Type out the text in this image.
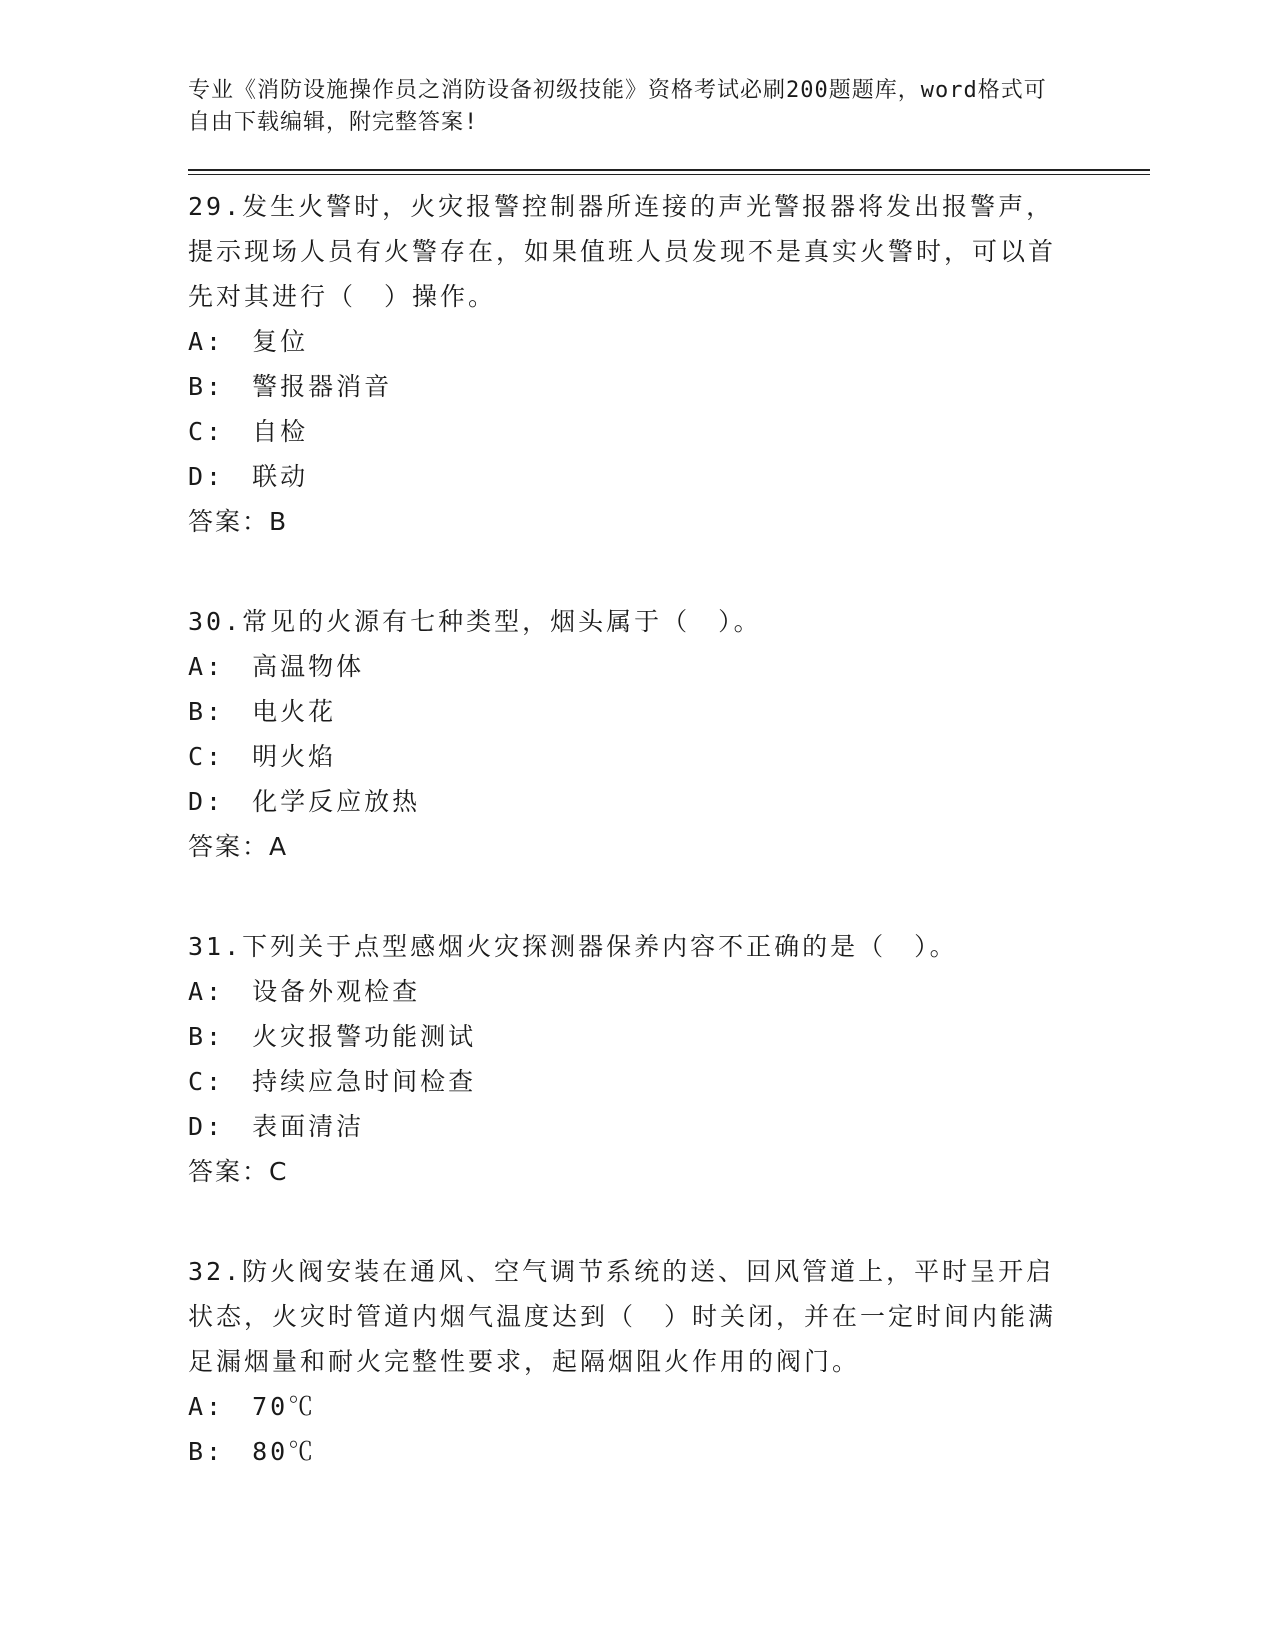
专业《消防设施操作员之消防设备初级技能》资格考试必刷200题题库，word格式可自由下载编辑，附完整答案!
29.发生火警时，火灾报警控制器所连接的声光警报器将发出报警声，提示现场人员有火警存在，如果值班人员发现不是真实火警时，可以首先对其进行（　）操作。
A:　复位
B:　警报器消音
C:　自检
D:　联动
答案：B
30.常见的火源有七种类型，烟头属于（　）。
A:　高温物体
B:　电火花
C:　明火焰
D:　化学反应放热
答案：A
31.下列关于点型感烟火灾探测器保养内容不正确的是（　）。
A:　设备外观检查
B:　火灾报警功能测试
C:　持续应急时间检查
D:　表面清洁
答案：C
32.防火阀安装在通风、空气调节系统的送、回风管道上，平时呈开启状态，火灾时管道内烟气温度达到（　）时关闭，并在一定时间内能满足漏烟量和耐火完整性要求，起隔烟阻火作用的阀门。
A:　70℃
B:　80℃
